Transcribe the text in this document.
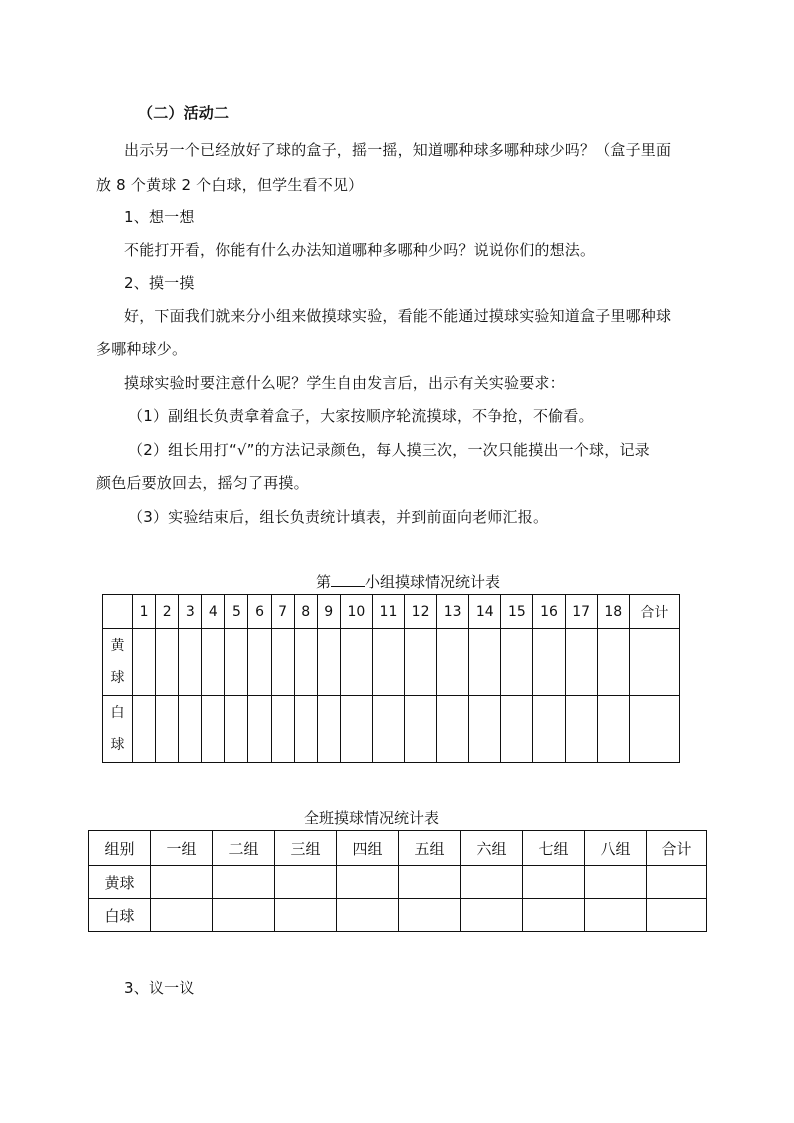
（二）活动二
出示另一个已经放好了球的盒子，摇一摇，知道哪种球多哪种球少吗？（盒子里面
放 8 个黄球 2 个白球，但学生看不见）
1、想一想
不能打开看，你能有什么办法知道哪种多哪种少吗？说说你们的想法。
2、摸一摸
好，下面我们就来分小组来做摸球实验，看能不能通过摸球实验知道盒子里哪种球
多哪种球少。
摸球实验时要注意什么呢？学生自由发言后，出示有关实验要求：
（1）副组长负责拿着盒子，大家按顺序轮流摸球，不争抢，不偷看。
（2）组长用打“√”的方法记录颜色，每人摸三次，一次只能摸出一个球，记录
颜色后要放回去，摇匀了再摸。
（3）实验结束后，组长负责统计填表，并到前面向老师汇报。
第 小组摸球情况统计表
	1	2	3	4	5	6	7	8	9	10	11	12	13	14	15	16	17	18	合计
黄
球																			
白
球																			
全班摸球情况统计表
组别	一组	二组	三组	四组	五组	六组	七组	八组	合计
黄球									
白球									
3、议一议
